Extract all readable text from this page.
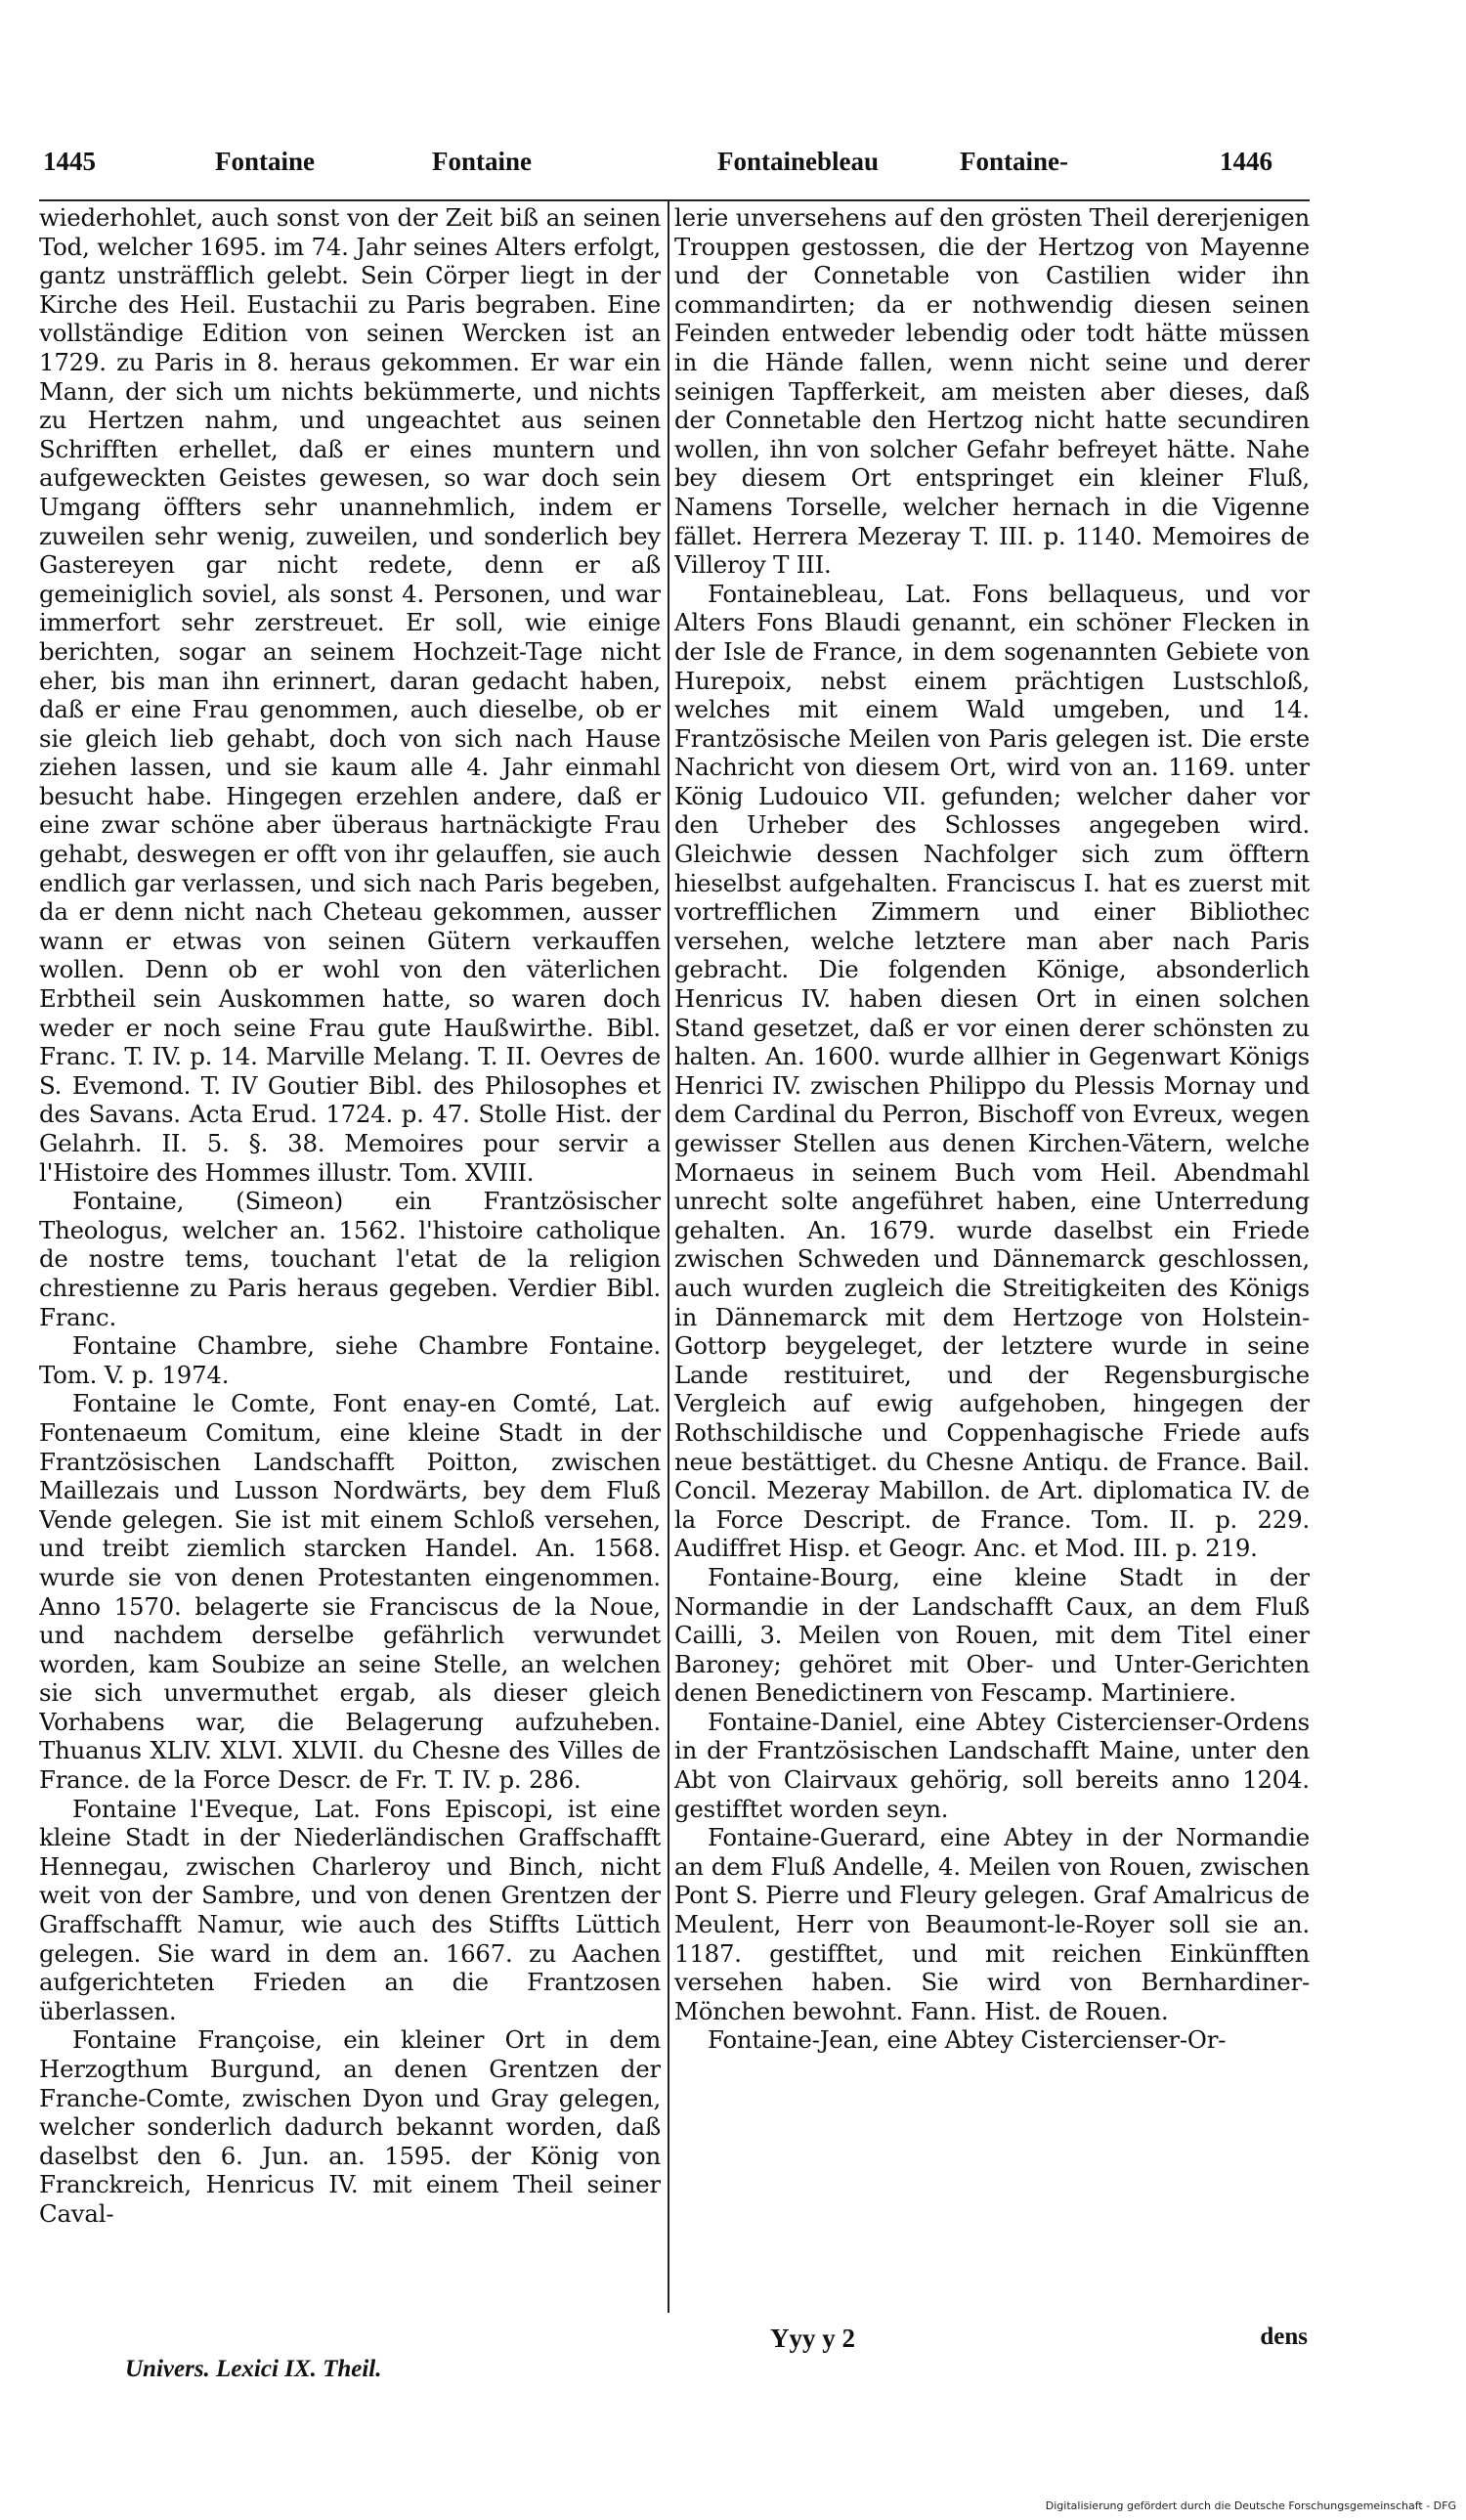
1445	Fontaine	Fontaine	Fontainebleau	Fontaine-	1446

wiederhohlet, auch sonst von der Zeit biß an seinen Tod, welcher 1695. im 74. Jahr seines Alters erfolgt, gantz unsträfflich gelebt. Sein Cörper liegt in der Kirche des Heil. Eustachii zu Paris begraben. Eine vollständige Edition von seinen Wercken ist an 1729. zu Paris in 8. heraus gekommen. Er war ein Mann, der sich um nichts bekümmerte, und nichts zu Hertzen nahm, und ungeachtet aus seinen Schrifften erhellet, daß er eines muntern und aufgeweckten Geistes gewesen, so war doch sein Umgang öffters sehr unannehmlich, indem er zuweilen sehr wenig, zuweilen, und sonderlich bey Gastereyen gar nicht redete, denn er aß gemeiniglich soviel, als sonst 4. Personen, und war immerfort sehr zerstreuet. Er soll, wie einige berichten, sogar an seinem Hochzeit-Tage nicht eher, bis man ihn erinnert, daran gedacht haben, daß er eine Frau genommen, auch dieselbe, ob er sie gleich lieb gehabt, doch von sich nach Hause ziehen lassen, und sie kaum alle 4. Jahr einmahl besucht habe. Hingegen erzehlen andere, daß er eine zwar schöne aber überaus hartnäckigte Frau gehabt, deswegen er offt von ihr gelauffen, sie auch endlich gar verlassen, und sich nach Paris begeben, da er denn nicht nach Cheteau gekommen, ausser wann er etwas von seinen Gütern verkauffen wollen. Denn ob er wohl von den väterlichen Erbtheil sein Auskommen hatte, so waren doch weder er noch seine Frau gute Haußwirthe. Bibl. Franc. T. IV. p. 14. Marville Melang. T. II. Oevres de S. Evemond. T. IV Goutier Bibl. des Philosophes et des Savans. Acta Erud. 1724. p. 47. Stolle Hist. der Gelahrh. II. 5. §. 38. Memoires pour servir a l'Histoire des Hommes illustr. Tom. XVIII.

Fontaine, (Simeon) ein Frantzösischer Theologus, welcher an. 1562. l'histoire catholique de nostre tems, touchant l'etat de la religion chrestienne zu Paris heraus gegeben. Verdier Bibl. Franc.

Fontaine Chambre, siehe Chambre Fontaine. Tom. V. p. 1974.

Fontaine le Comte, Font enay-en Comté, Lat. Fontenaeum Comitum, eine kleine Stadt in der Frantzösischen Landschafft Poitton, zwischen Maillezais und Lusson Nordwärts, bey dem Fluß Vende gelegen. Sie ist mit einem Schloß versehen, und treibt ziemlich starcken Handel. An. 1568. wurde sie von denen Protestanten eingenommen. Anno 1570. belagerte sie Franciscus de la Noue, und nachdem derselbe gefährlich verwundet worden, kam Soubize an seine Stelle, an welchen sie sich unvermuthet ergab, als dieser gleich Vorhabens war, die Belagerung aufzuheben. Thuanus XLIV. XLVI. XLVII. du Chesne des Villes de France. de la Force Descr. de Fr. T. IV. p. 286.

Fontaine l'Eveque, Lat. Fons Episcopi, ist eine kleine Stadt in der Niederländischen Graffschafft Hennegau, zwischen Charleroy und Binch, nicht weit von der Sambre, und von denen Grentzen der Graffschafft Namur, wie auch des Stiffts Lüttich gelegen. Sie ward in dem an. 1667. zu Aachen aufgerichteten Frieden an die Frantzosen überlassen.

Fontaine Françoise, ein kleiner Ort in dem Herzogthum Burgund, an denen Grentzen der Franche-Comte, zwischen Dyon und Gray gelegen, welcher sonderlich dadurch bekannt worden, daß daselbst den 6. Jun. an. 1595. der König von Franckreich, Henricus IV. mit einem Theil seiner Caval-

lerie unversehens auf den grösten Theil dererjenigen Trouppen gestossen, die der Hertzog von Mayenne und der Connetable von Castilien wider ihn commandirten; da er nothwendig diesen seinen Feinden entweder lebendig oder todt hätte müssen in die Hände fallen, wenn nicht seine und derer seinigen Tapfferkeit, am meisten aber dieses, daß der Connetable den Hertzog nicht hatte secundiren wollen, ihn von solcher Gefahr befreyet hätte. Nahe bey diesem Ort entspringet ein kleiner Fluß, Namens Torselle, welcher hernach in die Vigenne fället. Herrera Mezeray T. III. p. 1140. Memoires de Villeroy T III.

Fontainebleau, Lat. Fons bellaqueus, und vor Alters Fons Blaudi genannt, ein schöner Flecken in der Isle de France, in dem sogenannten Gebiete von Hurepoix, nebst einem prächtigen Lustschloß, welches mit einem Wald umgeben, und 14. Frantzösische Meilen von Paris gelegen ist. Die erste Nachricht von diesem Ort, wird von an. 1169. unter König Ludouico VII. gefunden; welcher daher vor den Urheber des Schlosses angegeben wird. Gleichwie dessen Nachfolger sich zum öfftern hieselbst aufgehalten. Franciscus I. hat es zuerst mit vortrefflichen Zimmern und einer Bibliothec versehen, welche letztere man aber nach Paris gebracht. Die folgenden Könige, absonderlich Henricus IV. haben diesen Ort in einen solchen Stand gesetzet, daß er vor einen derer schönsten zu halten. An. 1600. wurde allhier in Gegenwart Königs Henrici IV. zwischen Philippo du Plessis Mornay und dem Cardinal du Perron, Bischoff von Evreux, wegen gewisser Stellen aus denen Kirchen-Vätern, welche Mornaeus in seinem Buch vom Heil. Abendmahl unrecht solte angeführet haben, eine Unterredung gehalten. An. 1679. wurde daselbst ein Friede zwischen Schweden und Dännemarck geschlossen, auch wurden zugleich die Streitigkeiten des Königs in Dännemarck mit dem Hertzoge von Holstein-Gottorp beygeleget, der letztere wurde in seine Lande restituiret, und der Regensburgische Vergleich auf ewig aufgehoben, hingegen der Rothschildische und Coppenhagische Friede aufs neue bestättiget. du Chesne Antiqu. de France. Bail. Concil. Mezeray Mabillon. de Art. diplomatica IV. de la Force Descript. de France. Tom. II. p. 229. Audiffret Hisp. et Geogr. Anc. et Mod. III. p. 219.

Fontaine-Bourg, eine kleine Stadt in der Normandie in der Landschafft Caux, an dem Fluß Cailli, 3. Meilen von Rouen, mit dem Titel einer Baroney; gehöret mit Ober- und Unter-Gerichten denen Benedictinern von Fescamp. Martiniere.

Fontaine-Daniel, eine Abtey Cistercienser-Ordens in der Frantzösischen Landschafft Maine, unter den Abt von Clairvaux gehörig, soll bereits anno 1204. gestifftet worden seyn.

Fontaine-Guerard, eine Abtey in der Normandie an dem Fluß Andelle, 4. Meilen von Rouen, zwischen Pont S. Pierre und Fleury gelegen. Graf Amalricus de Meulent, Herr von Beaumont-le-Royer soll sie an. 1187. gestifftet, und mit reichen Einkünfften versehen haben. Sie wird von Bernhardiner-Mönchen bewohnt. Fann. Hist. de Rouen.

Fontaine-Jean, eine Abtey Cistercienser-Or-

Yyy y 2	dens
Univers. Lexici IX. Theil.
Digitalisierung gefördert durch die Deutsche Forschungsgemeinschaft - DFG
